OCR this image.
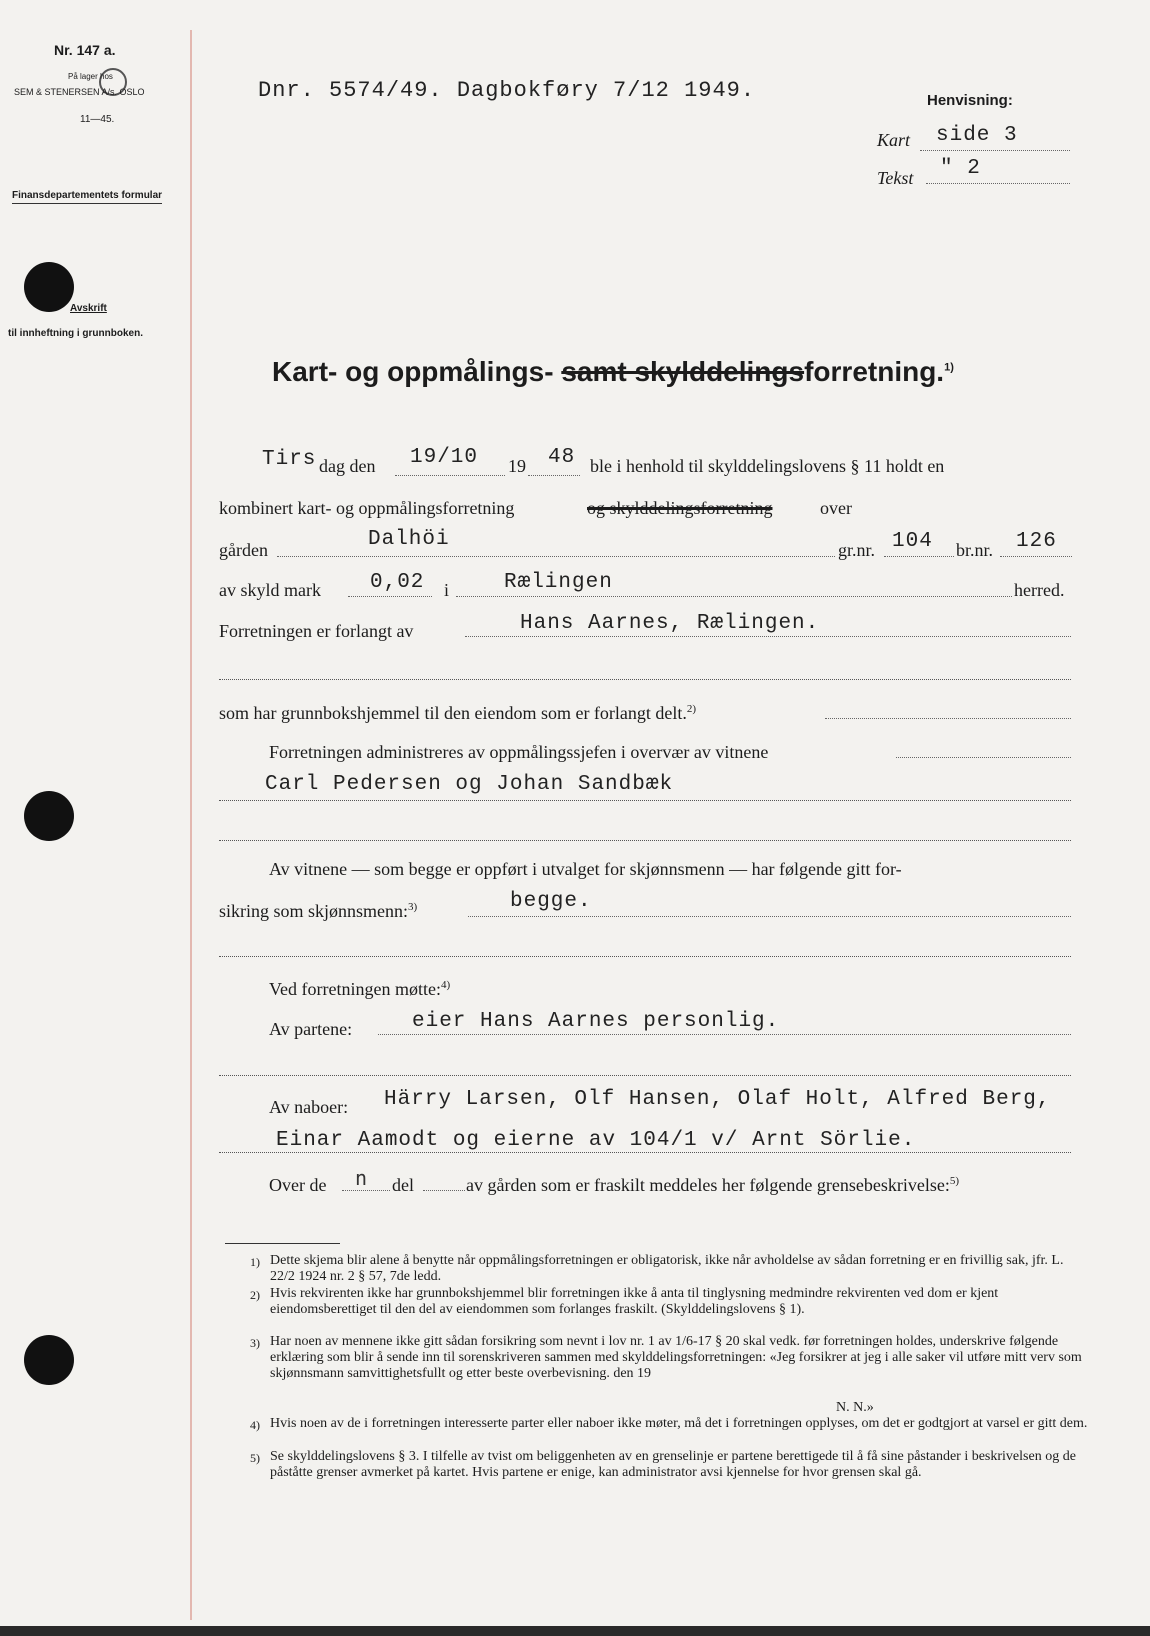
Nr. 147 a.
På lager hos
SEM & STENERSEN A/s. OSLO
11—45.
Finansdepartementets formular
Avskrift
til innheftning i grunnboken.
Dnr. 5574/49. Dagbokføry 7/12 1949.	Henvisning:
Kart side 3
Tekst " 2
Kart- og oppmålings- samt skylddelingsforretning.$^{1)}$
Tirs dag den 19/10 19 48 ble i henhold til skylddelingslovens § 11 holdt en
kombinert kart- og oppmålingsforretning	og skylddelingsforretning	over
gården	Dalhöi	gr.nr. 104 br.nr. 126
av skyld mark 0,02 i	Rælingen	herred.
Forretningen er forlangt av	Hans Aarnes, Rælingen.
som har grunnbokshjemmel til den eiendom som er forlangt delt.$^{2)}$
Forretningen administreres av oppmålingssjefen i overvær av vitnene
Carl Pedersen og Johan Sandbæk
Av vitnene — som begge er oppført i utvalget for skjønnsmenn — har følgende gitt for-
sikring som skjønnsmenn:$^{3)}$	begge.
Ved forretningen møtte:$^{4)}$
Av partene:	eier Hans Aarnes personlig.
Av naboer: Härry Larsen, Olf Hansen, Olaf Holt, Alfred Berg,
Einar Aamodt og eierne av 104/1 v/ Arnt Sörlie.
Over de n del	av gården som er fraskilt meddeles her følgende grensebeskrivelse:$^{5)}$
1) Dette skjema blir alene å benytte når oppmålingsforretningen er obligatorisk, ikke når avholdelse av sådan forretning er en frivillig sak, jfr. L. 22/2 1924 nr. 2 § 57, 7de ledd.
2) Hvis rekvirenten ikke har grunnbokshjemmel blir forretningen ikke å anta til tinglysning medmindre rekvirenten ved dom er kjent eiendomsberettiget til den del av eiendommen som forlanges fraskilt. (Skylddelingslovens § 1).
3) Har noen av mennene ikke gitt sådan forsikring som nevnt i lov nr. 1 av 1/6-17 § 20 skal vedk. før forretningen holdes, underskrive følgende erklæring som blir å sende inn til sorenskriveren sammen med skylddelingsforretningen: «Jeg forsikrer at jeg i alle saker vil utføre mitt verv som skjønnsmann samvittighetsfullt og etter beste overbevisning. den 19
N. N.»
4) Hvis noen av de i forretningen interesserte parter eller naboer ikke møter, må det i forretningen opplyses, om det er godtgjort at varsel er gitt dem.
5) Se skylddelingslovens § 3. I tilfelle av tvist om beliggenheten av en grenselinje er partene berettigede til å få sine påstander i beskrivelsen og de påståtte grenser avmerket på kartet. Hvis partene er enige, kan administrator avsi kjennelse for hvor grensen skal gå.
